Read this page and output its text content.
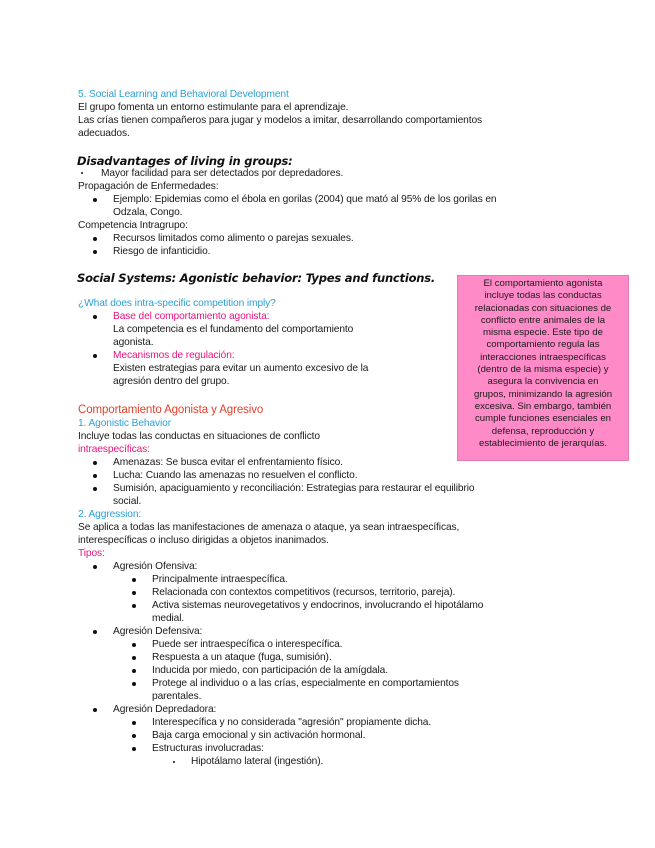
5. Social Learning and Behavioral Development
El grupo fomenta un entorno estimulante para el aprendizaje.
Las crías tienen compañeros para jugar y modelos a imitar, desarrollando comportamientos
adecuados.
Disadvantages of living in groups:
Mayor facilidad para ser detectados por depredadores.
Propagación de Enfermedades:
Ejemplo: Epidemias como el ébola en gorilas (2004) que mató al 95% de los gorilas en
Odzala, Congo.
Competencia Intragrupo:
Recursos limitados como alimento o parejas sexuales.
Riesgo de infanticidio.
Social Systems: Agonistic behavior: Types and functions.
¿What does intra-specific competition imply?
Base del comportamiento agonista:
La competencia es el fundamento del comportamiento
agonista.
Mecanismos de regulación:
Existen estrategias para evitar un aumento excesivo de la
agresión dentro del grupo.
El comportamiento agonista
incluye todas las conductas
relacionadas con situaciones de
conflicto entre animales de la
misma especie. Este tipo de
comportamiento regula las
interacciones intraespecíficas
(dentro de la misma especie) y
asegura la convivencia en
grupos, minimizando la agresión
excesiva. Sin embargo, también
cumple funciones esenciales en
defensa, reproducción y
establecimiento de jerarquías.
Comportamiento Agonista y Agresivo
1. Agonistic Behavior
Incluye todas las conductas en situaciones de conflicto
intraespecíficas:
Amenazas: Se busca evitar el enfrentamiento físico.
Lucha: Cuando las amenazas no resuelven el conflicto.
Sumisión, apaciguamiento y reconciliación: Estrategias para restaurar el equilibrio
social.
2. Aggression:
Se aplica a todas las manifestaciones de amenaza o ataque, ya sean intraespecíficas,
interespecíficas o incluso dirigidas a objetos inanimados.
Tipos:
Agresión Ofensiva:
Principalmente intraespecífica.
Relacionada con contextos competitivos (recursos, territorio, pareja).
Activa sistemas neurovegetativos y endocrinos, involucrando el hipotálamo
medial.
Agresión Defensiva:
Puede ser intraespecífica o interespecífica.
Respuesta a un ataque (fuga, sumisión).
Inducida por miedo, con participación de la amígdala.
Protege al individuo o a las crías, especialmente en comportamientos
parentales.
Agresión Depredadora:
Interespecífica y no considerada "agresión" propiamente dicha.
Baja carga emocional y sin activación hormonal.
Estructuras involucradas:
Hipotálamo lateral (ingestión).
